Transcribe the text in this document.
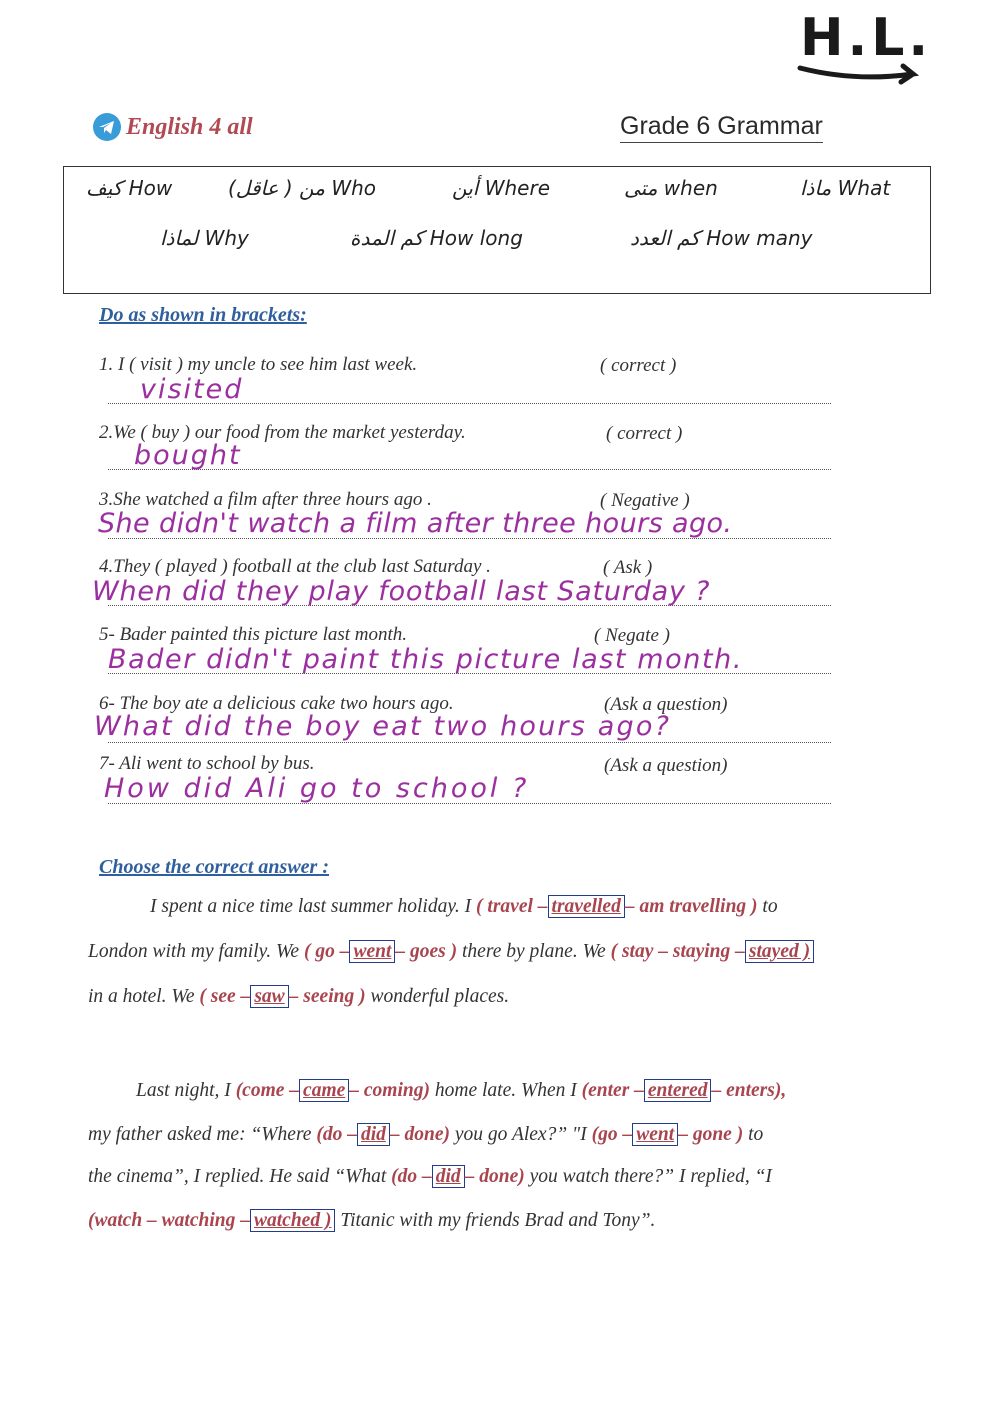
H.L.
English 4 all	Grade 6 Grammar
كيف How	من ( عاقل) Who	أين Where	متى when	ماذا What
لماذا Why	كم المدة How long	كم العدد How many
Do as shown in brackets:
1. I ( visit ) my uncle to see him last week.	( correct )
visited
2.We ( buy ) our food from the market yesterday.	( correct )
bought
3.She watched a film after three hours ago .	( Negative )
She didn't watch a film after three hours ago.
4.They ( played ) football at the club last Saturday .	( Ask )
When did they play football last Saturday ?
5- Bader painted this picture last month.	( Negate )
Bader didn't paint this picture last month.
6- The boy ate a delicious cake two hours ago.	(Ask a question)
What did the boy eat two hours ago?
7- Ali went to school by bus.	(Ask a question)
How did Ali go to school ?
Choose the correct answer :
I spent a nice time last summer holiday. I ( travel – travelled – am travelling ) to
London with my family. We ( go – went – goes ) there by plane. We ( stay – staying – stayed )
in a hotel. We ( see – saw – seeing ) wonderful places.
Last night, I (come – came – coming) home late. When I (enter – entered – enters),
my father asked me: “Where (do – did – done) you go Alex?” "I (go – went – gone ) to
the cinema”, I replied. He said “What (do – did – done) you watch there?” I replied, “I
(watch – watching – watched ) Titanic with my friends Brad and Tony”.
